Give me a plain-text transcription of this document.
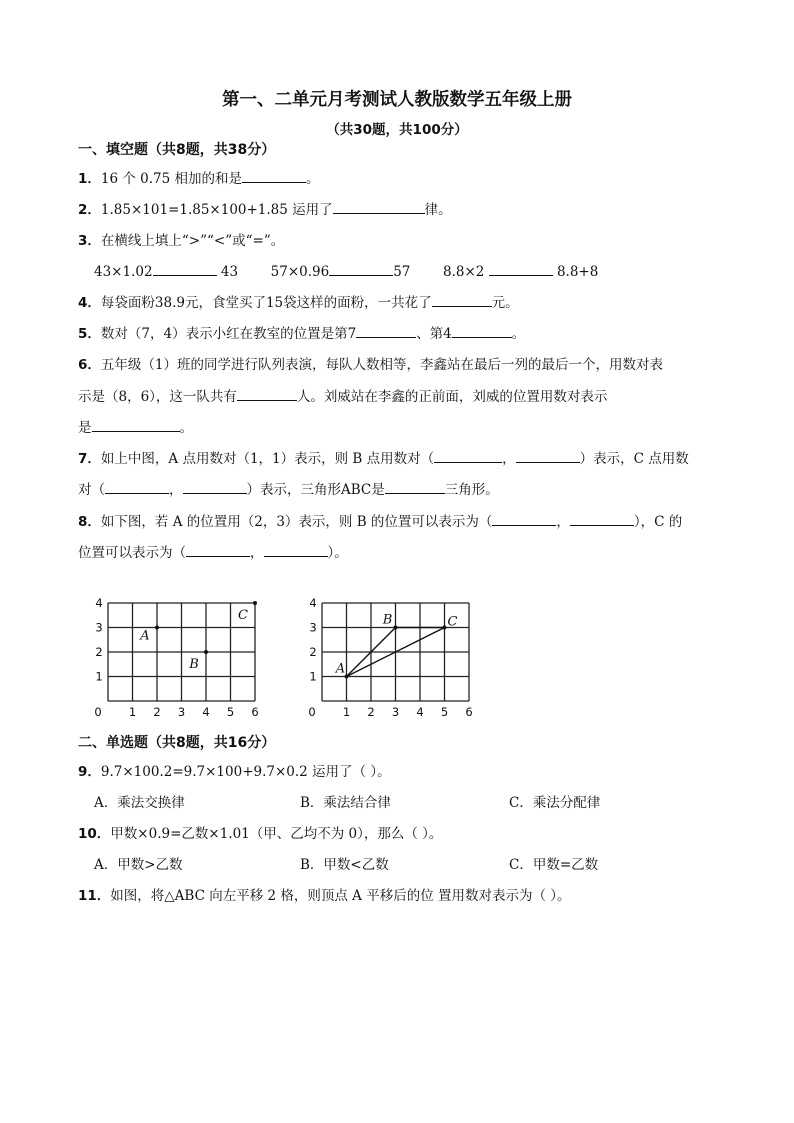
第一、二单元月考测试人教版数学五年级上册
（共30题，共100分）
一、填空题（共8题，共38分）
1．16 个 0.75 相加的和是	。
2．1.85×101=1.85×100+1.85 运用了	律。
3．在横线上填上“>”“<”或“=”。
43×1.02	43 57×0.96	57 8.8×2	8.8+8
4．每袋面粉38.9元，食堂买了15袋这样的面粉，一共花了	元。
5．数对（7，4）表示小红在教室的位置是第7	、第4	。
6．五年级（1）班的同学进行队列表演，每队人数相等，李鑫站在最后一列的最后一个，用数对表
示是（8，6），这一队共有	人。刘威站在李鑫的正前面，刘威的位置用数对表示
是	。
7．如上中图，A 点用数对（1，1）表示，则 B 点用数对（	，	）表示，C 点用数
对（	，	）表示，三角形ABC是	三角形。
8．如下图，若 A 的位置用（2，3）表示，则 B 的位置可以表示为（	，	），C 的
位置可以表示为（	，	）。
0 1 2 3 4 5 6
1
2
3
4
A
B
C
0 1 2 3 4 5 6
1
2
3
4
A
B	C
二、单选题（共8题，共16分）
9．9.7×100.2=9.7×100+9.7×0.2 运用了（ ）。
A．乘法交换律	B．乘法结合律	C．乘法分配律
10．甲数×0.9=乙数×1.01（甲、乙均不为 0），那么（ ）。
A．甲数>乙数	B．甲数<乙数	C．甲数=乙数
11．如图，将△ABC 向左平移 2 格，则顶点 A 平移后的位 置用数对表示为（ ）。
